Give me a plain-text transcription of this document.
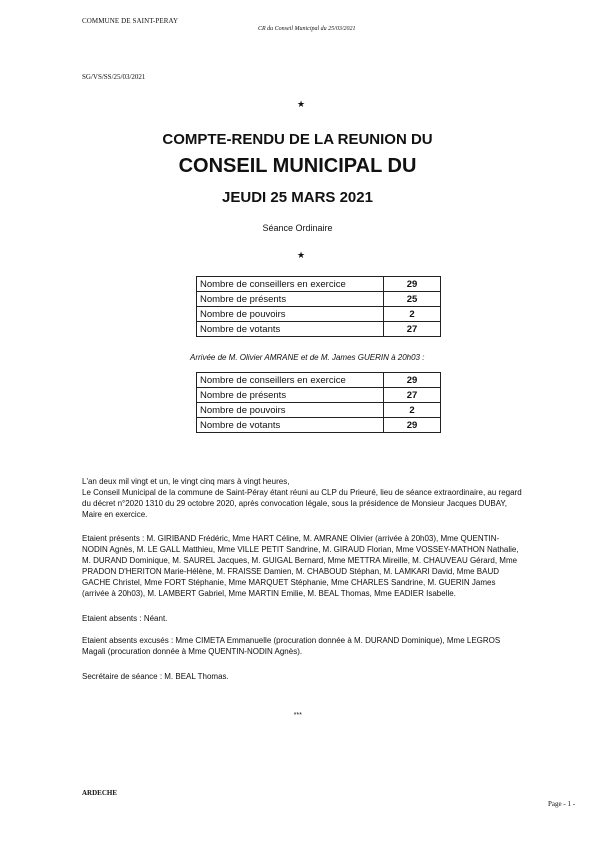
COMMUNE DE SAINT-PERAY
CR du Conseil Municipal du 25/03/2021
SG/VS/SS/25/03/2021
★
COMPTE-RENDU DE LA REUNION DU
CONSEIL MUNICIPAL DU
JEUDI 25 MARS 2021
Séance Ordinaire
★
Nombre de conseillers en exercice	29
Nombre de présents	25
Nombre de pouvoirs	2
Nombre de votants	27
Arrivée de M. Olivier AMRANE et de M. James GUERIN à 20h03 :
Nombre de conseillers en exercice	29
Nombre de présents	27
Nombre de pouvoirs	2
Nombre de votants	29

L'an deux mil vingt et un, le vingt cinq mars à vingt heures,

Le Conseil Municipal de la commune de Saint-Péray étant réuni au CLP du Prieuré, lieu de séance extraordinaire, au regard du décret n°2020 1310 du 29 octobre 2020, après convocation légale, sous la présidence de Monsieur Jacques DUBAY, Maire en exercice.

Etaient présents : M. GIRIBAND Frédéric, Mme HART Céline, M. AMRANE Olivier (arrivée à 20h03), Mme QUENTIN-NODIN Agnès, M. LE GALL Matthieu, Mme VILLE PETIT Sandrine, M. GIRAUD Florian, Mme VOSSEY-MATHON Nathalie, M. DURAND Dominique, M. SAUREL Jacques, M. GUIGAL Bernard, Mme METTRA Mireille, M. CHAUVEAU Gérard, Mme PRADON D'HERITON Marie-Hélène, M. FRAISSE Damien, M. CHABOUD Stéphan, M. LAMKARI David, Mme BAUD GACHE Christel, Mme FORT Stéphanie, Mme MARQUET Stéphanie, Mme CHARLES Sandrine, M. GUERIN James (arrivée à 20h03), M. LAMBERT Gabriel, Mme MARTIN Emilie, M. BEAL Thomas, Mme EADIER Isabelle.

Etaient absents : Néant.

Etaient absents excusés : Mme CIMETA Emmanuelle (procuration donnée à M. DURAND Dominique), Mme LEGROS Magali (procuration donnée à Mme QUENTIN-NODIN Agnès).

Secrétaire de séance : M. BEAL Thomas.

***
ARDECHE
Page - 1 -
